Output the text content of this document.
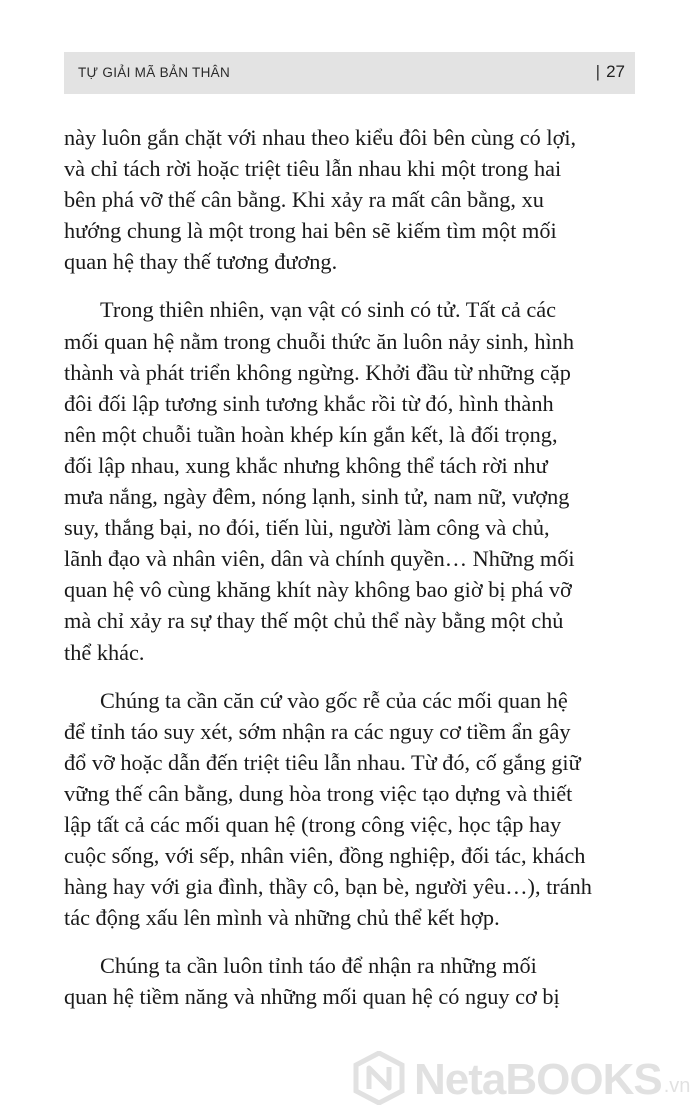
TỰ GIẢI MÃ BẢN THÂN	| 27

này luôn gắn chặt với nhau theo kiểu đôi bên cùng có lợi,
và chỉ tách rời hoặc triệt tiêu lẫn nhau khi một trong hai
bên phá vỡ thế cân bằng. Khi xảy ra mất cân bằng, xu
hướng chung là một trong hai bên sẽ kiếm tìm một mối
quan hệ thay thế tương đương.

Trong thiên nhiên, vạn vật có sinh có tử. Tất cả các
mối quan hệ nằm trong chuỗi thức ăn luôn nảy sinh, hình
thành và phát triển không ngừng. Khởi đầu từ những cặp
đôi đối lập tương sinh tương khắc rồi từ đó, hình thành
nên một chuỗi tuần hoàn khép kín gắn kết, là đối trọng,
đối lập nhau, xung khắc nhưng không thể tách rời như
mưa nắng, ngày đêm, nóng lạnh, sinh tử, nam nữ, vượng
suy, thắng bại, no đói, tiến lùi, người làm công và chủ,
lãnh đạo và nhân viên, dân và chính quyền… Những mối
quan hệ vô cùng khăng khít này không bao giờ bị phá vỡ
mà chỉ xảy ra sự thay thế một chủ thể này bằng một chủ
thể khác.

Chúng ta cần căn cứ vào gốc rễ của các mối quan hệ
để tỉnh táo suy xét, sớm nhận ra các nguy cơ tiềm ẩn gây
đổ vỡ hoặc dẫn đến triệt tiêu lẫn nhau. Từ đó, cố gắng giữ
vững thế cân bằng, dung hòa trong việc tạo dựng và thiết
lập tất cả các mối quan hệ (trong công việc, học tập hay
cuộc sống, với sếp, nhân viên, đồng nghiệp, đối tác, khách
hàng hay với gia đình, thầy cô, bạn bè, người yêu…), tránh
tác động xấu lên mình và những chủ thể kết hợp.

Chúng ta cần luôn tỉnh táo để nhận ra những mối
quan hệ tiềm năng và những mối quan hệ có nguy cơ bị

NetaBOOKS .vn
